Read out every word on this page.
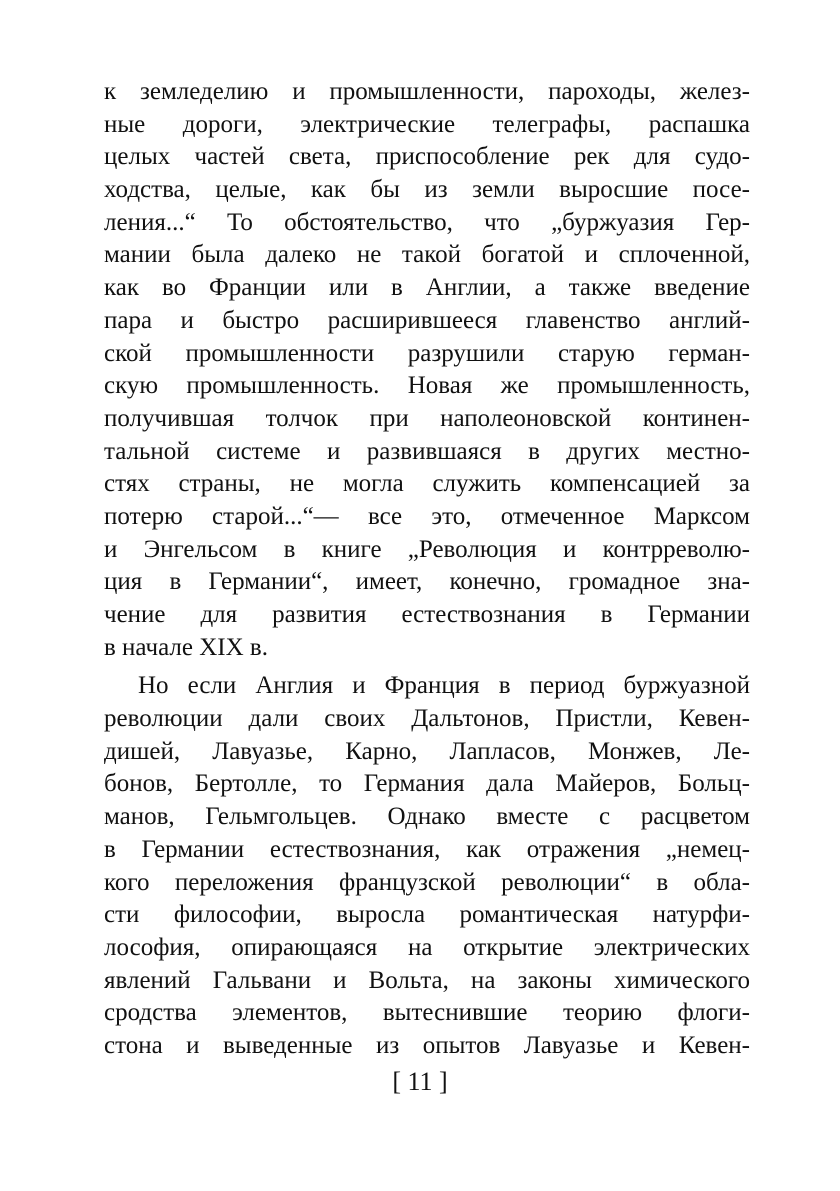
к земледелию и промышленности, пароходы, желез-
ные дороги, электрические телеграфы, распашка
целых частей света, приспособление рек для судо-
ходства, целые, как бы из земли выросшие посе-
ления...“ То обстоятельство, что „буржуазия Гер-
мании была далеко не такой богатой и сплоченной,
как во Франции или в Англии, а также введение
пара и быстро расширившееся главенство англий-
ской промышленности разрушили старую герман-
скую промышленность. Новая же промышленность,
получившая толчок при наполеоновской континен-
тальной системе и развившаяся в других местно-
стях страны, не могла служить компенсацией за
потерю старой...“— все это, отмеченное Марксом
и Энгельсом в книге „Революция и контрреволю-
ция в Германии“, имеет, конечно, громадное зна-
чение для развития естествознания в Германии
в начале XIX в.
Но если Англия и Франция в период буржуазной
революции дали своих Дальтонов, Пристли, Кевен-
дишей, Лавуазье, Карно, Лапласов, Монжев, Ле-
бонов, Бертолле, то Германия дала Майеров, Больц-
манов, Гельмгольцев. Однако вместе с расцветом
в Германии естествознания, как отражения „немец-
кого переложения французской революции“ в обла-
сти философии, выросла романтическая натурфи-
лософия, опирающаяся на открытие электрических
явлений Гальвани и Вольта, на законы химического
сродства элементов, вытеснившие теорию флоги-
стона и выведенные из опытов Лавуазье и Кевен-
[ 11 ]
